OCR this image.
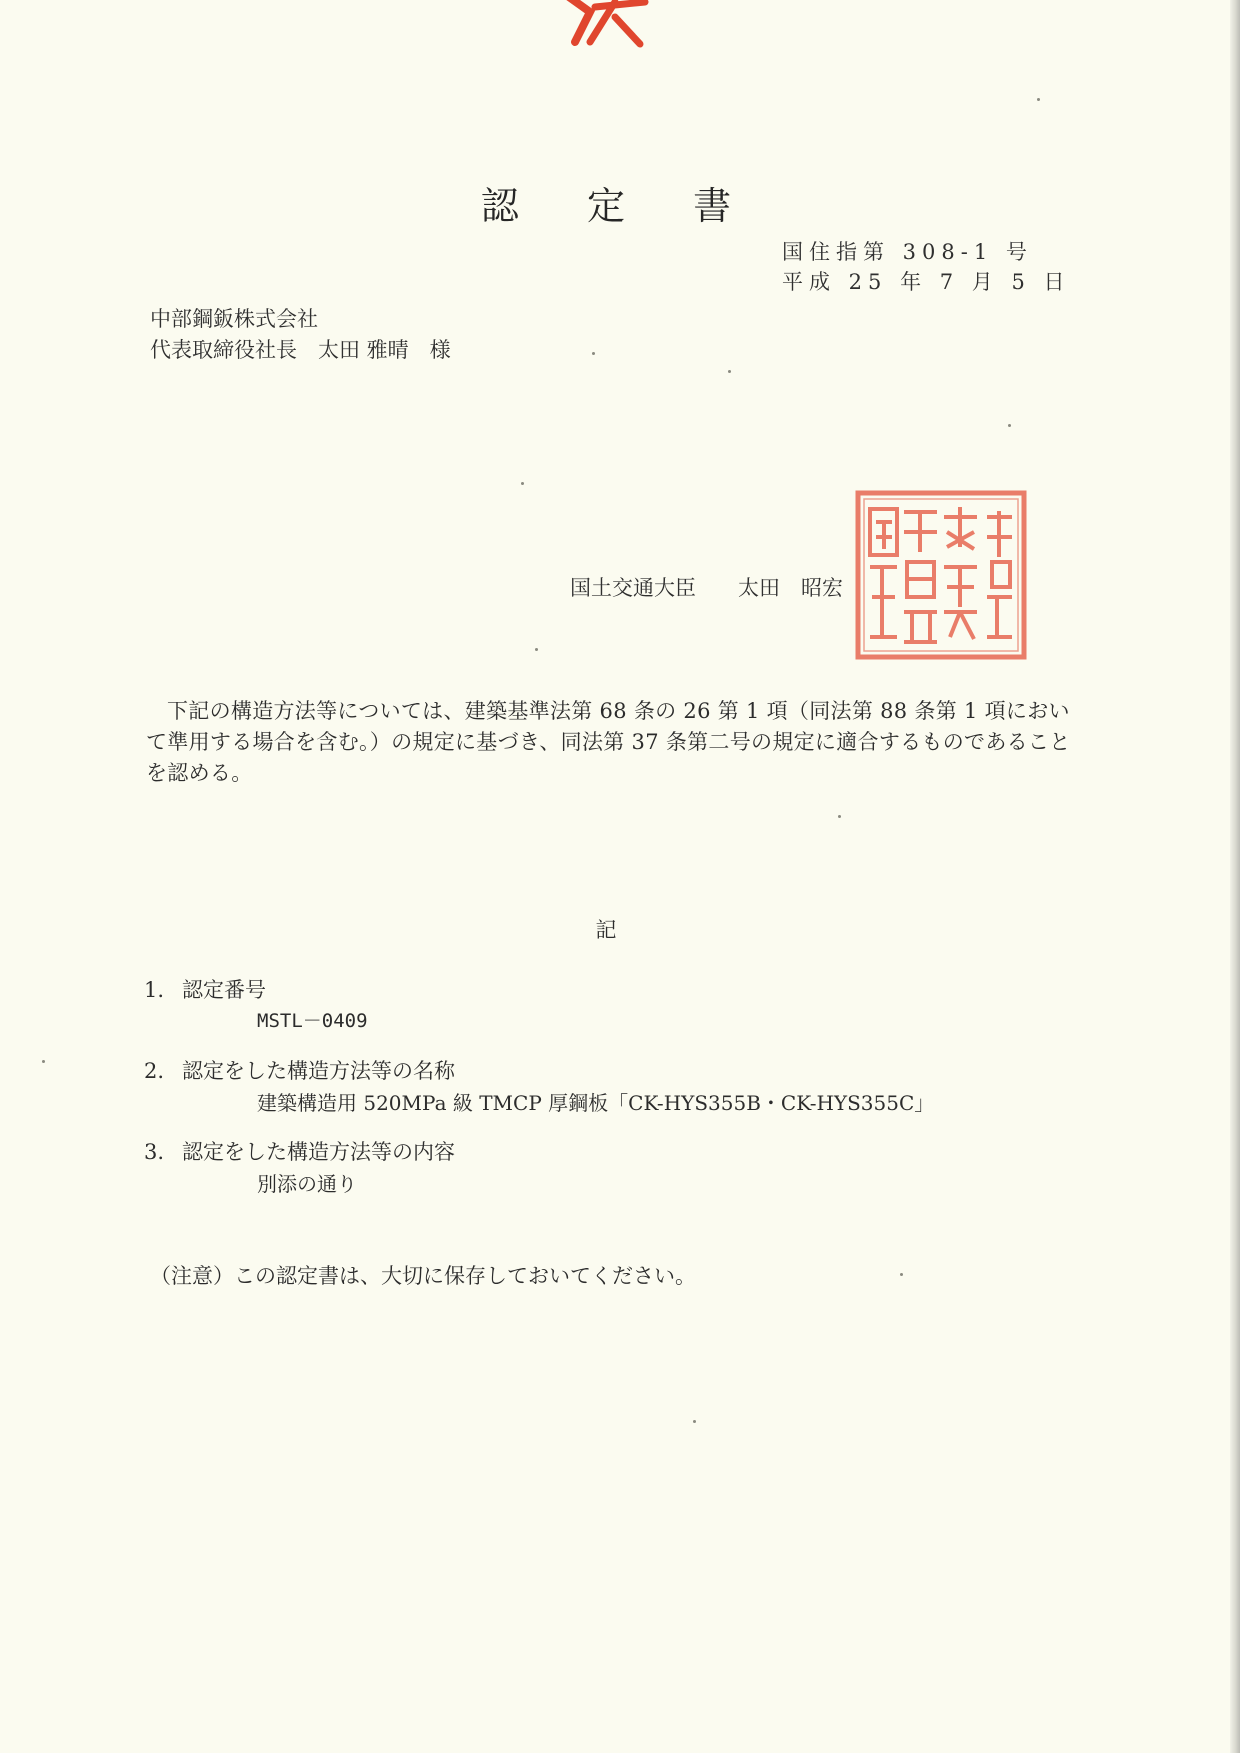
認 定 書
国住指第 308-1 号
平成 25 年 7 月 5 日
中部鋼鈑株式会社
代表取締役社長　太田 雅晴　様
国土交通大臣　　太田　昭宏
下記の構造方法等については、建築基準法第 68 条の 26 第 1 項（同法第 88 条第 1 項において準用する場合を含む。）の規定に基づき、同法第 37 条第二号の規定に適合するものであることを認める。
記
1. 認定番号
MSTL－0409
2. 認定をした構造方法等の名称
建築構造用 520MPa 級 TMCP 厚鋼板「CK-HYS355B・CK-HYS355C」
3. 認定をした構造方法等の内容
別添の通り
（注意）この認定書は、大切に保存しておいてください。
